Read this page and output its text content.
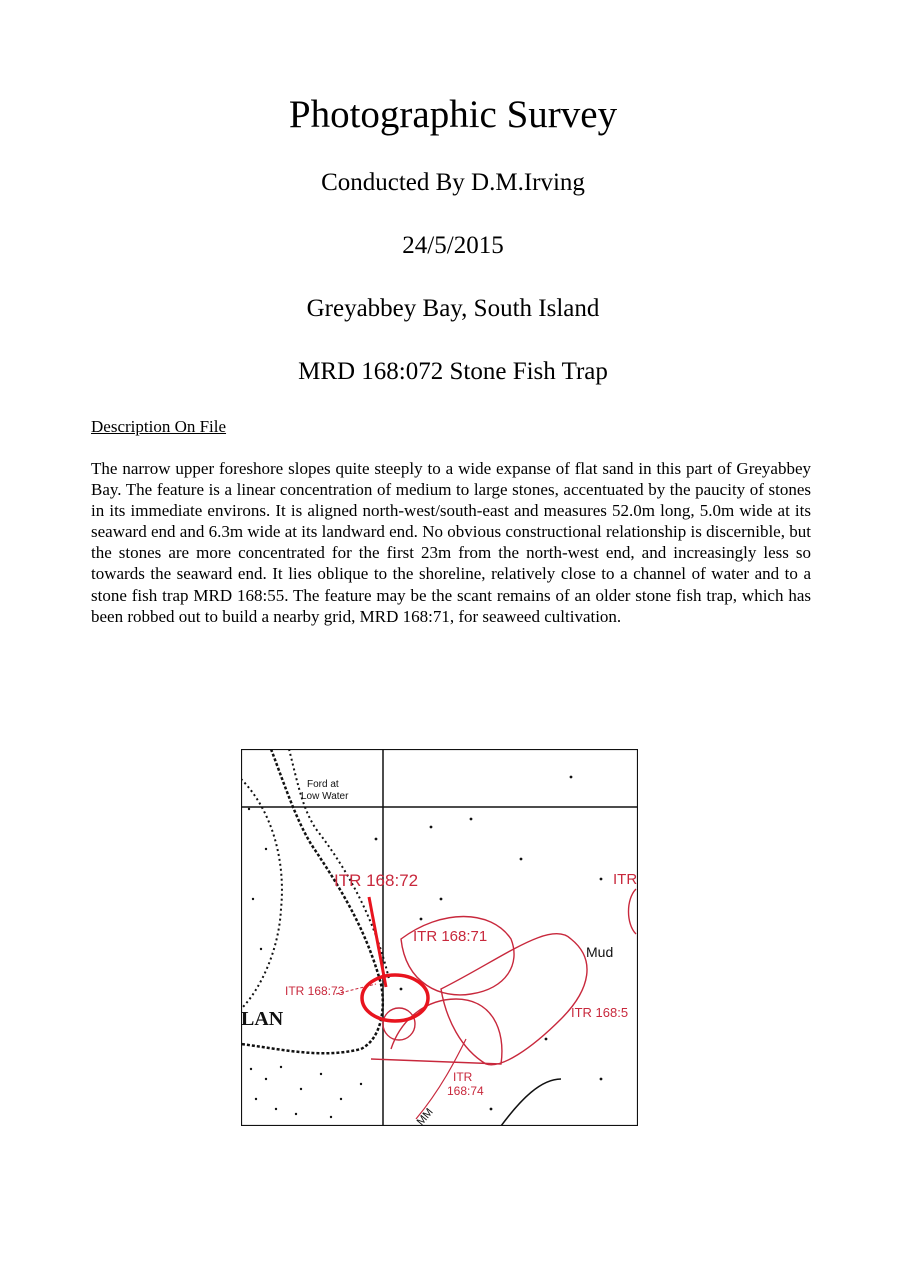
Photographic Survey
Conducted By D.M.Irving
24/5/2015
Greyabbey Bay, South Island
MRD 168:072 Stone Fish Trap
Description On File

The narrow upper foreshore slopes quite steeply to a wide expanse of flat sand in this part of Greyabbey Bay. The feature is a linear concentration of medium to large stones, accentuated by the paucity of stones in its immediate environs. It is aligned north-west/south-east and measures 52.0m long, 5.0m wide at its seaward end and 6.3m wide at its landward end. No obvious constructional relationship is discernible, but the stones are more concentrated for the first 23m from the north-west end, and increasingly less so towards the seaward end. It lies oblique to the shoreline, relatively close to a channel of water and to a stone fish trap MRD 168:55. The feature may be the scant remains of an older stone fish trap, which has been robbed out to build a nearby grid, MRD 168:71, for seaweed cultivation.

Ford at
Low Water
ITR 168:72
ITR 168:71
ITR 168:73
ITR
ITR 168:5
ITR
168:74
Mud
LAN
MM
